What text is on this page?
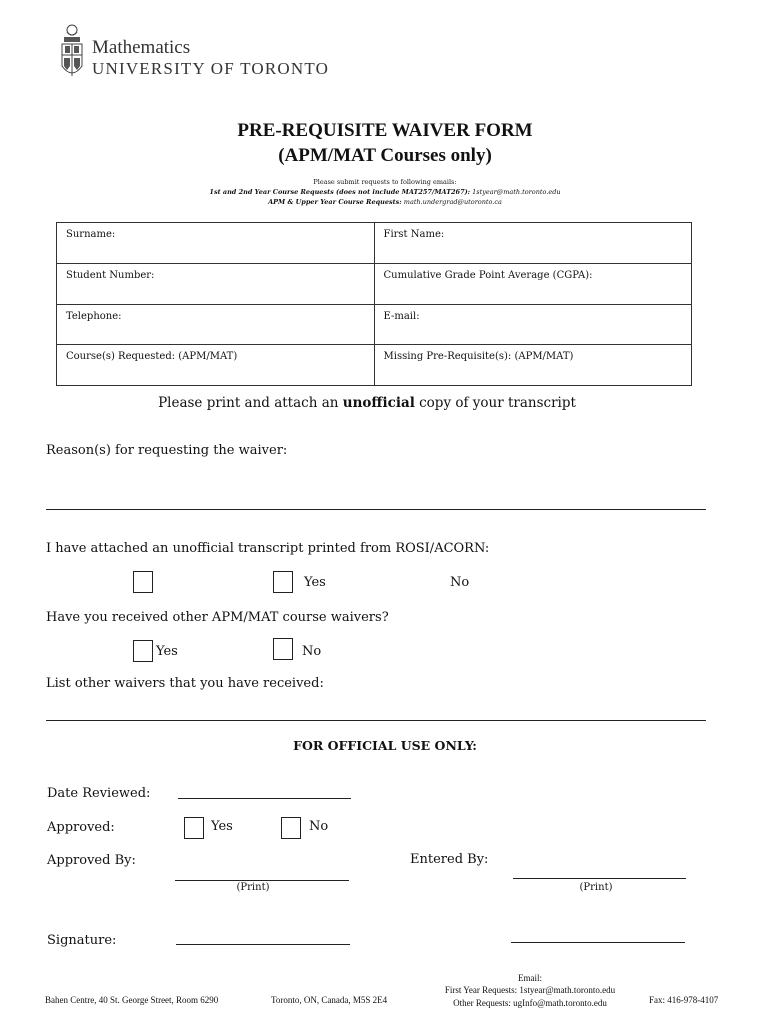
Mathematics
UNIVERSITY OF TORONTO
PRE-REQUISITE WAIVER FORM
(APM/MAT Courses only)
Please submit requests to following emails:
1st and 2nd Year Course Requests (does not include MAT257/MAT267): 1styear@math.toronto.edu
APM & Upper Year Course Requests: math.undergrad@utoronto.ca
Surname:	First Name:
Student Number:	Cumulative Grade Point Average (CGPA):
Telephone:	E-mail:
Course(s) Requested: (APM/MAT)	Missing Pre-Requisite(s): (APM/MAT)
Please print and attach an unofficial copy of your transcript
Reason(s) for requesting the waiver:
I have attached an unofficial transcript printed from ROSI/ACORN:
Yes	No
Have you received other APM/MAT course waivers?
Yes	No
List other waivers that you have received:
FOR OFFICIAL USE ONLY:
Date Reviewed:
Approved:	Yes	No
Approved By:
(Print)
Entered By:
(Print)
Signature:
Bahen Centre, 40 St. George Street, Room 6290	Toronto, ON, Canada, M5S 2E4
Email:
First Year Requests: 1styear@math.toronto.edu
Other Requests: ugInfo@math.toronto.edu	Fax: 416-978-4107
